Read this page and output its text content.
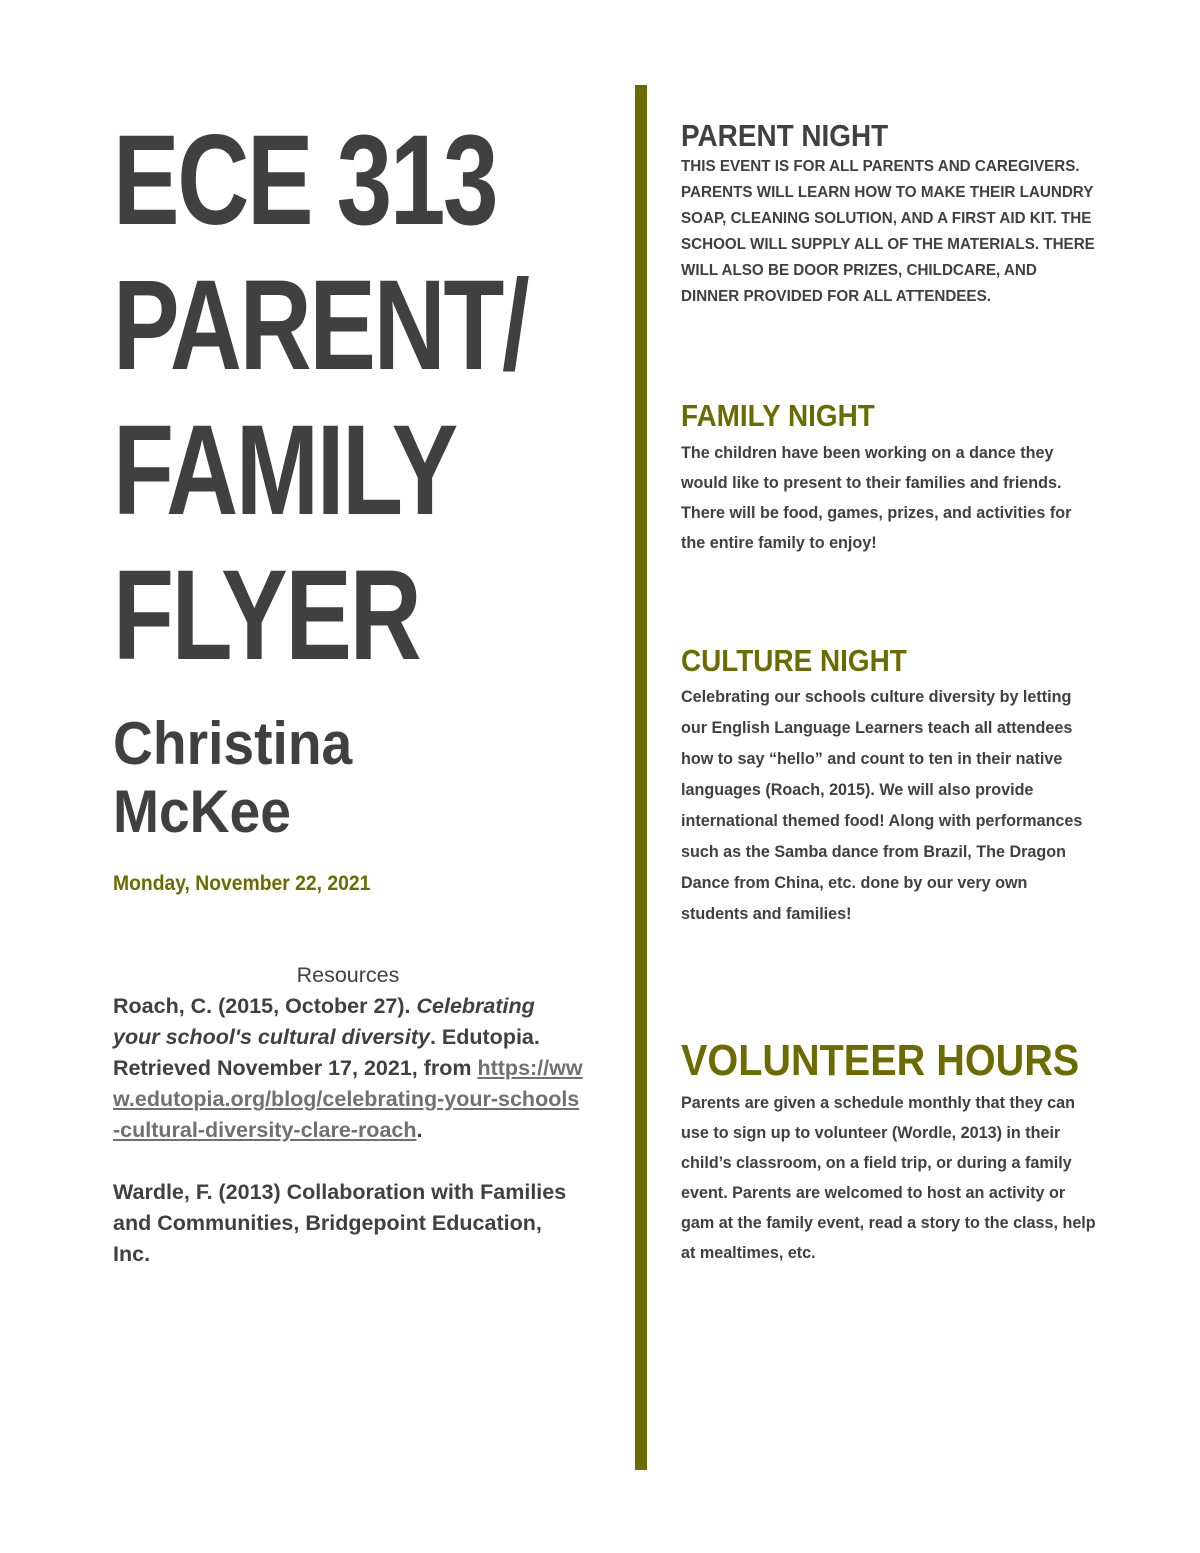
ECE 313
PARENT/
FAMILY
FLYER
Christina
McKee
Monday, November 22, 2021
Resources

Roach, C. (2015, October 27). Celebrating your school's cultural diversity. Edutopia. Retrieved November 17, 2021, from https://www.edutopia.org/blog/celebrating-your-schools-cultural-diversity-clare-roach.

Wardle, F. (2013) Collaboration with Families and Communities, Bridgepoint Education, Inc.

PARENT NIGHT

THIS EVENT IS FOR ALL PARENTS AND CAREGIVERS. PARENTS WILL LEARN HOW TO MAKE THEIR LAUNDRY SOAP, CLEANING SOLUTION, AND A FIRST AID KIT. THE SCHOOL WILL SUPPLY ALL OF THE MATERIALS. THERE WILL ALSO BE DOOR PRIZES, CHILDCARE, AND DINNER PROVIDED FOR ALL ATTENDEES.

FAMILY NIGHT

The children have been working on a dance they would like to present to their families and friends. There will be food, games, prizes, and activities for the entire family to enjoy!

CULTURE NIGHT

Celebrating our schools culture diversity by letting our English Language Learners teach all attendees how to say “hello” and count to ten in their native languages (Roach, 2015). We will also provide international themed food! Along with performances such as the Samba dance from Brazil, The Dragon Dance from China, etc. done by our very own students and families!

VOLUNTEER HOURS

Parents are given a schedule monthly that they can use to sign up to volunteer (Wordle, 2013) in their child’s classroom, on a field trip, or during a family event. Parents are welcomed to host an activity or gam at the family event, read a story to the class, help at mealtimes, etc.
